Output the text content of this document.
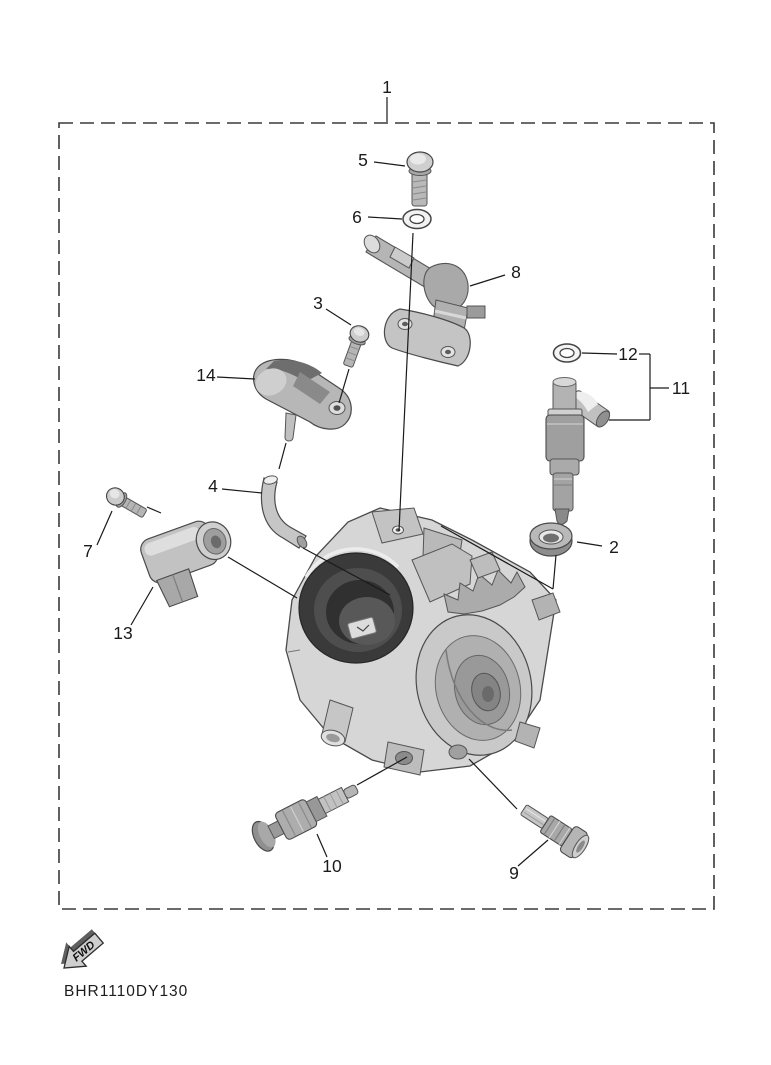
1
5
6
8
3
14
12
11
4
2
7
13
10	9
FWD
BHR1110DY130
